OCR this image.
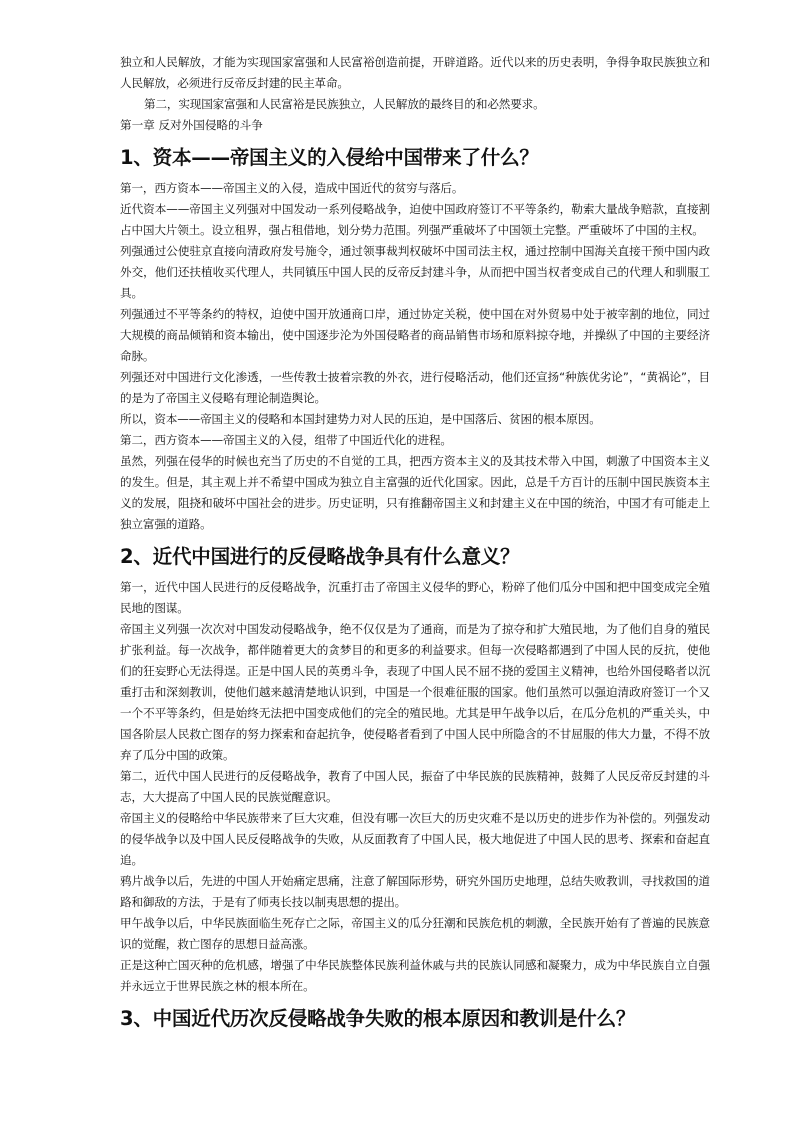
独立和人民解放，才能为实现国家富强和人民富裕创造前提，开辟道路。近代以来的历史表明，争得争取民族独立和人民解放，必须进行反帝反封建的民主革命。

第二，实现国家富强和人民富裕是民族独立，人民解放的最终目的和必然要求。

第一章 反对外国侵略的斗争

1、资本——帝国主义的入侵给中国带来了什么？

第一，西方资本——帝国主义的入侵，造成中国近代的贫穷与落后。

近代资本——帝国主义列强对中国发动一系列侵略战争，迫使中国政府签订不平等条约，勒索大量战争赔款，直接割占中国大片领土。设立租界，强占租借地，划分势力范围。列强严重破坏了中国领土完整。严重破坏了中国的主权。

列强通过公使驻京直接向清政府发号施令，通过领事裁判权破坏中国司法主权，通过控制中国海关直接干预中国内政外交，他们还扶植收买代理人，共同镇压中国人民的反帝反封建斗争，从而把中国当权者变成自己的代理人和驯服工具。

列强通过不平等条约的特权，迫使中国开放通商口岸，通过协定关税，使中国在对外贸易中处于被宰割的地位，同过大规模的商品倾销和资本输出，使中国逐步沦为外国侵略者的商品销售市场和原料掠夺地，并操纵了中国的主要经济命脉。

列强还对中国进行文化渗透，一些传教士披着宗教的外衣，进行侵略活动，他们还宣扬“种族优劣论”，“黄祸论”，目的是为了帝国主义侵略有理论制造舆论。

所以，资本——帝国主义的侵略和本国封建势力对人民的压迫，是中国落后、贫困的根本原因。

第二，西方资本——帝国主义的入侵，组带了中国近代化的进程。

虽然，列强在侵华的时候也充当了历史的不自觉的工具，把西方资本主义的及其技术带入中国，刺激了中国资本主义的发生。但是，其主观上并不希望中国成为独立自主富强的近代化国家。因此，总是千方百计的压制中国民族资本主义的发展，阻挠和破坏中国社会的进步。历史证明，只有推翻帝国主义和封建主义在中国的统治，中国才有可能走上独立富强的道路。

2、近代中国进行的反侵略战争具有什么意义？

第一，近代中国人民进行的反侵略战争，沉重打击了帝国主义侵华的野心，粉碎了他们瓜分中国和把中国变成完全殖民地的图谋。

帝国主义列强一次次对中国发动侵略战争，绝不仅仅是为了通商，而是为了掠夺和扩大殖民地，为了他们自身的殖民扩张利益。每一次战争，都伴随着更大的贪梦目的和更多的利益要求。但每一次侵略都遇到了中国人民的反抗，使他们的狂妄野心无法得逞。正是中国人民的英勇斗争，表现了中国人民不屈不挠的爱国主义精神，也给外国侵略者以沉重打击和深刻教训，使他们越来越清楚地认识到，中国是一个很难征服的国家。他们虽然可以强迫清政府签订一个又一个不平等条约，但是始终无法把中国变成他们的完全的殖民地。尤其是甲午战争以后，在瓜分危机的严重关头，中国各阶层人民救亡图存的努力探索和奋起抗争，使侵略者看到了中国人民中所隐含的不甘屈服的伟大力量，不得不放弃了瓜分中国的政策。

第二，近代中国人民进行的反侵略战争，教育了中国人民，振奋了中华民族的民族精神，鼓舞了人民反帝反封建的斗志，大大提高了中国人民的民族觉醒意识。

帝国主义的侵略给中华民族带来了巨大灾难，但没有哪一次巨大的历史灾难不是以历史的进步作为补偿的。列强发动的侵华战争以及中国人民反侵略战争的失败，从反面教育了中国人民，极大地促进了中国人民的思考、探索和奋起直追。

鸦片战争以后，先进的中国人开始痛定思痛，注意了解国际形势，研究外国历史地理，总结失败教训，寻找救国的道路和御敌的方法，于是有了师夷长技以制夷思想的提出。

甲午战争以后，中华民族面临生死存亡之际，帝国主义的瓜分狂潮和民族危机的刺激，全民族开始有了普遍的民族意识的觉醒，救亡图存的思想日益高涨。

正是这种亡国灭种的危机感，增强了中华民族整体民族利益休戚与共的民族认同感和凝聚力，成为中华民族自立自强并永远立于世界民族之林的根本所在。

3、中国近代历次反侵略战争失败的根本原因和教训是什么？
